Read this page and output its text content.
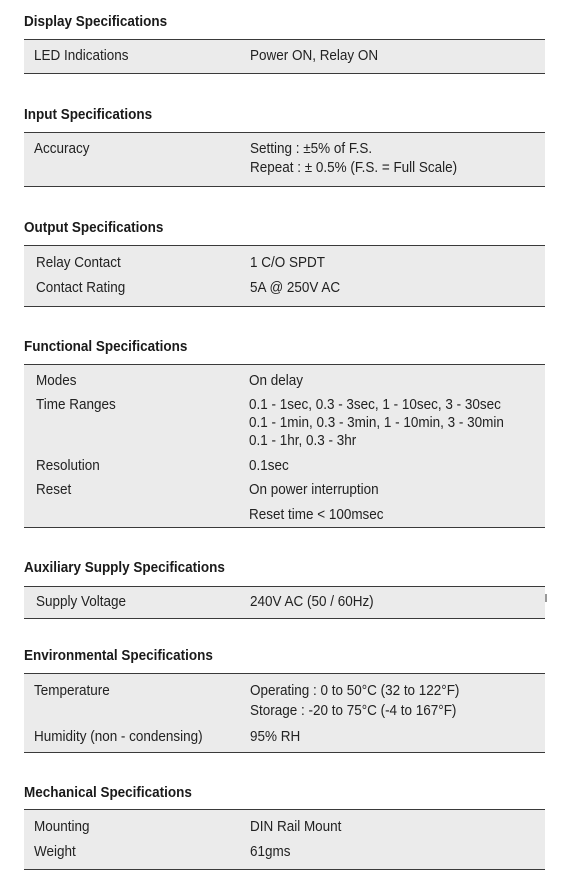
Display Specifications
LED Indications	Power ON, Relay ON
Input Specifications
Accuracy	Setting : ±5% of F.S.
Repeat : ± 0.5% (F.S. = Full Scale)
Output Specifications
Relay Contact	1 C/O SPDT
Contact Rating	5A @ 250V AC
Functional Specifications
Modes	On delay
Time Ranges	0.1 - 1sec, 0.3 - 3sec, 1 - 10sec, 3 - 30sec
0.1 - 1min, 0.3 - 3min, 1 - 10min, 3 - 30min
0.1 - 1hr, 0.3 - 3hr
Resolution	0.1sec
Reset	On power interruption
Reset time < 100msec
Auxiliary Supply Specifications
Supply Voltage	240V AC (50 / 60Hz)
Environmental Specifications
Temperature	Operating : 0 to 50°C (32 to 122°F)
Storage : -20 to 75°C (-4 to 167°F)
Humidity (non - condensing)	95% RH
Mechanical Specifications
Mounting	DIN Rail Mount
Weight	61gms
